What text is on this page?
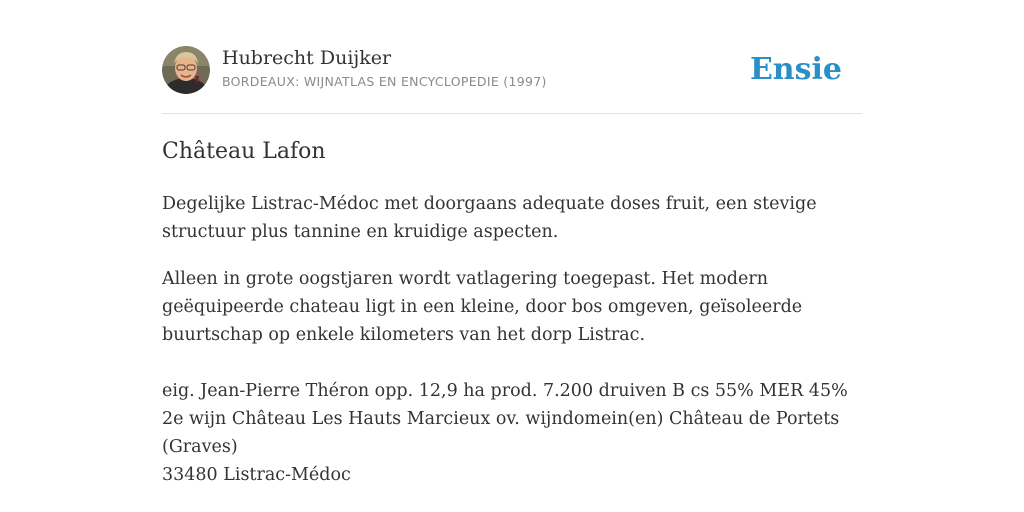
Hubrecht Duijker
BORDEAUX: WIJNATLAS EN ENCYCLOPEDIE (1997)	Ensie
Château Lafon

Degelijke Listrac-Médoc met doorgaans adequate doses fruit, een stevige structuur plus tannine en kruidige aspecten.

Alleen in grote oogstjaren wordt vatlagering toegepast. Het modern geëquipeerde chateau ligt in een kleine, door bos omgeven, geïsoleerde buurtschap op enkele kilometers van het dorp Listrac.

eig. Jean-Pierre Théron opp. 12,9 ha prod. 7.200 druiven B cs 55% MER 45% 2e wijn Château Les Hauts Marcieux ov. wijndomein(en) Château de Portets (Graves)

33480 Listrac-Médoc
